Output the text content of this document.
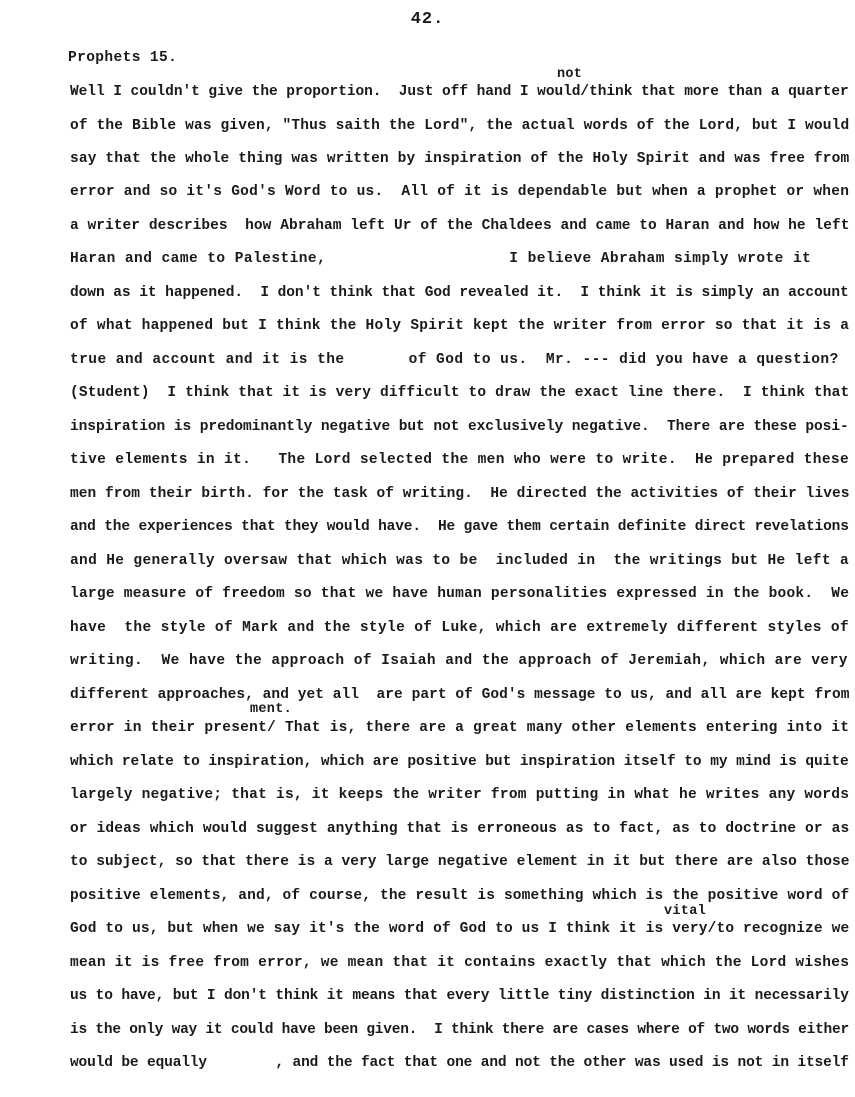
42.
Prophets 15.
not
ment.
vital
Well I couldn't give the proportion.  Just off hand I would/think that more than a quarter
of the Bible was given, "Thus saith the Lord", the actual words of the Lord, but I would
say that the whole thing was written by inspiration of the Holy Spirit and was free from
error and so it's God's Word to us.  All of it is dependable but when a prophet or when
a writer describes  how Abraham left Ur of the Chaldees and came to Haran and how he left
Haran and came to Palestine,                    I believe Abraham simply wrote it
down as it happened.  I don't think that God revealed it.  I think it is simply an account
of what happened but I think the Holy Spirit kept the writer from error so that it is a
true and account and it is the       of God to us.  Mr. --- did you have a question?
(Student)  I think that it is very difficult to draw the exact line there.  I think that
inspiration is predominantly negative but not exclusively negative.  There are these posi-
tive elements in it.   The Lord selected the men who were to write.  He prepared these
men from their birth. for the task of writing.  He directed the activities of their lives
and the experiences that they would have.  He gave them certain definite direct revelations
and He generally oversaw that which was to be  included in  the writings but He left a
large measure of freedom so that we have human personalities expressed in the book.  We
have  the style of Mark and the style of Luke, which are extremely different styles of
writing.  We have the approach of Isaiah and the approach of Jeremiah, which are very
different approaches, and yet all  are part of God's message to us, and all are kept from
error in their present/ That is, there are a great many other elements entering into it
which relate to inspiration, which are positive but inspiration itself to my mind is quite
largely negative; that is, it keeps the writer from putting in what he writes any words
or ideas which would suggest anything that is erroneous as to fact, as to doctrine or as
to subject, so that there is a very large negative element in it but there are also those
positive elements, and, of course, the result is something which is the positive word of
God to us, but when we say it's the word of God to us I think it is very/to recognize we
mean it is free from error, we mean that it contains exactly that which the Lord wishes
us to have, but I don't think it means that every little tiny distinction in it necessarily
is the only way it could have been given.  I think there are cases where of two words either
would be equally        , and the fact that one and not the other was used is not in itself
